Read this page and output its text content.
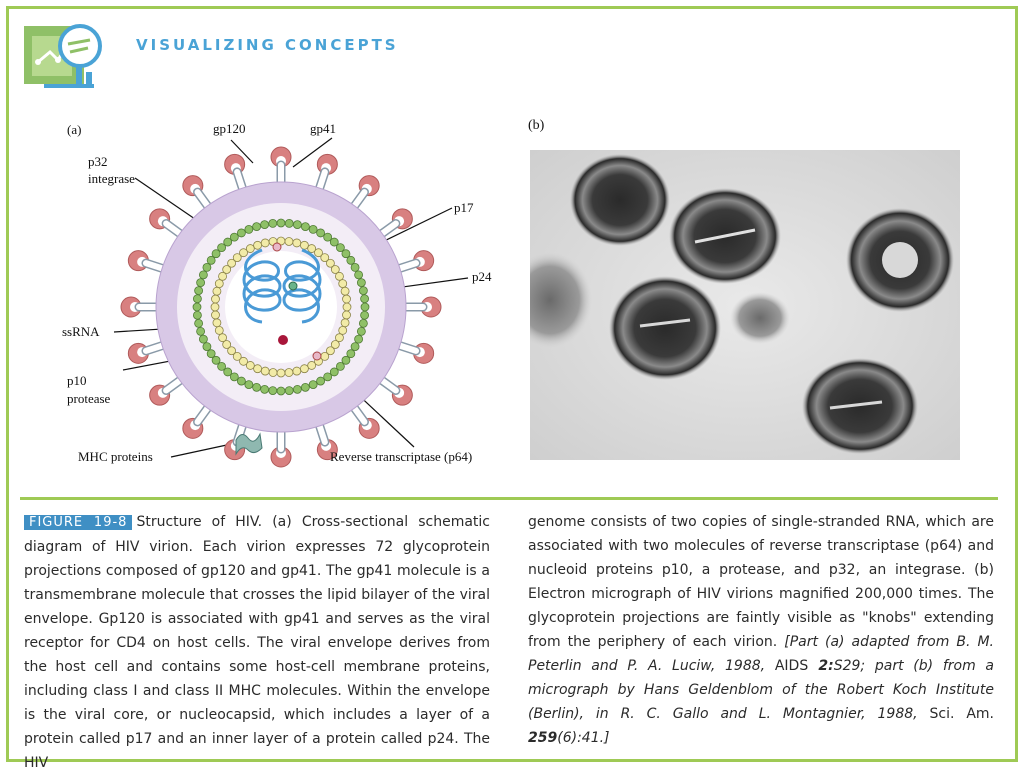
VISUALIZING CONCEPTS
(a)	gp120	gp41
p32
integrase
p17
p24
ssRNA
p10
protease
MHC proteins	Reverse transcriptase (p64)
(b)
FIGURE 19-8 Structure of HIV. (a) Cross-sectional schematic diagram of HIV virion. Each virion expresses 72 glycoprotein projections composed of gp120 and gp41. The gp41 molecule is a transmembrane molecule that crosses the lipid bilayer of the viral envelope. Gp120 is associated with gp41 and serves as the viral receptor for CD4 on host cells. The viral envelope derives from the host cell and contains some host-cell membrane proteins, including class I and class II MHC molecules. Within the envelope is the viral core, or nucleocapsid, which includes a layer of a protein called p17 and an inner layer of a protein called p24. The HIV
genome consists of two copies of single-stranded RNA, which are associated with two molecules of reverse transcriptase (p64) and nucleoid proteins p10, a protease, and p32, an integrase. (b) Electron micrograph of HIV virions magnified 200,000 times. The glycoprotein projections are faintly visible as "knobs" extending from the periphery of each virion. [Part (a) adapted from B. M. Peterlin and P. A. Luciw, 1988, AIDS 2:S29; part (b) from a micrograph by Hans Geldenblom of the Robert Koch Institute (Berlin), in R. C. Gallo and L. Montagnier, 1988, Sci. Am. 259(6):41.]
